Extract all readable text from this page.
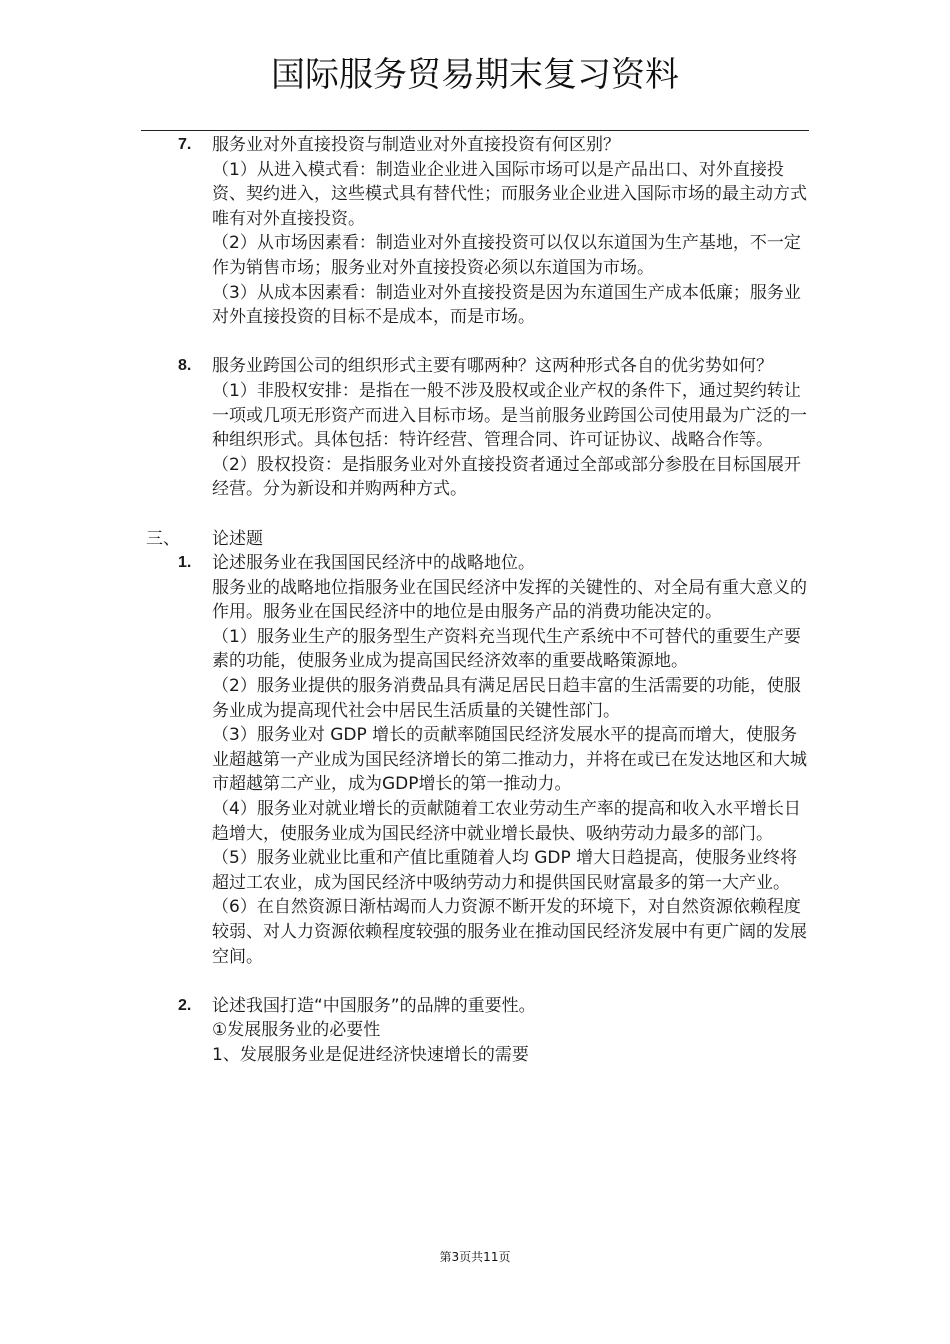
国际服务贸易期末复习资料
7. 服务业对外直接投资与制造业对外直接投资有何区别？
（1）从进入模式看：制造业企业进入国际市场可以是产品出口、对外直接投资、契约进入，这些模式具有替代性；而服务业企业进入国际市场的最主动方式唯有对外直接投资。
（2）从市场因素看：制造业对外直接投资可以仅以东道国为生产基地，不一定作为销售市场；服务业对外直接投资必须以东道国为市场。
（3）从成本因素看：制造业对外直接投资是因为东道国生产成本低廉；服务业对外直接投资的目标不是成本，而是市场。
8.	服务业跨国公司的组织形式主要有哪两种？这两种形式各自的优劣势如何？
（1）非股权安排：是指在一般不涉及股权或企业产权的条件下，通过契约转让一项或几项无形资产而进入目标市场。是当前服务业跨国公司使用最为广泛的一种组织形式。具体包括：特许经营、管理合同、许可证协议、战略合作等。
（2）股权投资：是指服务业对外直接投资者通过全部或部分参股在目标国展开经营。分为新设和并购两种方式。
三、 论述题
1. 论述服务业在我国国民经济中的战略地位。
服务业的战略地位指服务业在国民经济中发挥的关键性的、对全局有重大意义的作用。服务业在国民经济中的地位是由服务产品的消费功能决定的。
（1）服务业生产的服务型生产资料充当现代生产系统中不可替代的重要生产要素的功能，使服务业成为提高国民经济效率的重要战略策源地。
（2）服务业提供的服务消费品具有满足居民日趋丰富的生活需要的功能，使服务业成为提高现代社会中居民生活质量的关键性部门。
（3）服务业对 GDP 增长的贡献率随国民经济发展水平的提高而增大，使服务业超越第一产业成为国民经济增长的第二推动力，并将在或已在发达地区和大城市超越第二产业，成为GDP增长的第一推动力。
（4）服务业对就业增长的贡献随着工农业劳动生产率的提高和收入水平增长日趋增大，使服务业成为国民经济中就业增长最快、吸纳劳动力最多的部门。
（5）服务业就业比重和产值比重随着人均 GDP 增大日趋提高，使服务业终将超过工农业，成为国民经济中吸纳劳动力和提供国民财富最多的第一大产业。
（6）在自然资源日渐枯竭而人力资源不断开发的环境下，对自然资源依赖程度较弱、对人力资源依赖程度较强的服务业在推动国民经济发展中有更广阔的发展空间。
2. 论述我国打造“中国服务”的品牌的重要性。
①发展服务业的必要性
1、发展服务业是促进经济快速增长的需要
第3页共11页
